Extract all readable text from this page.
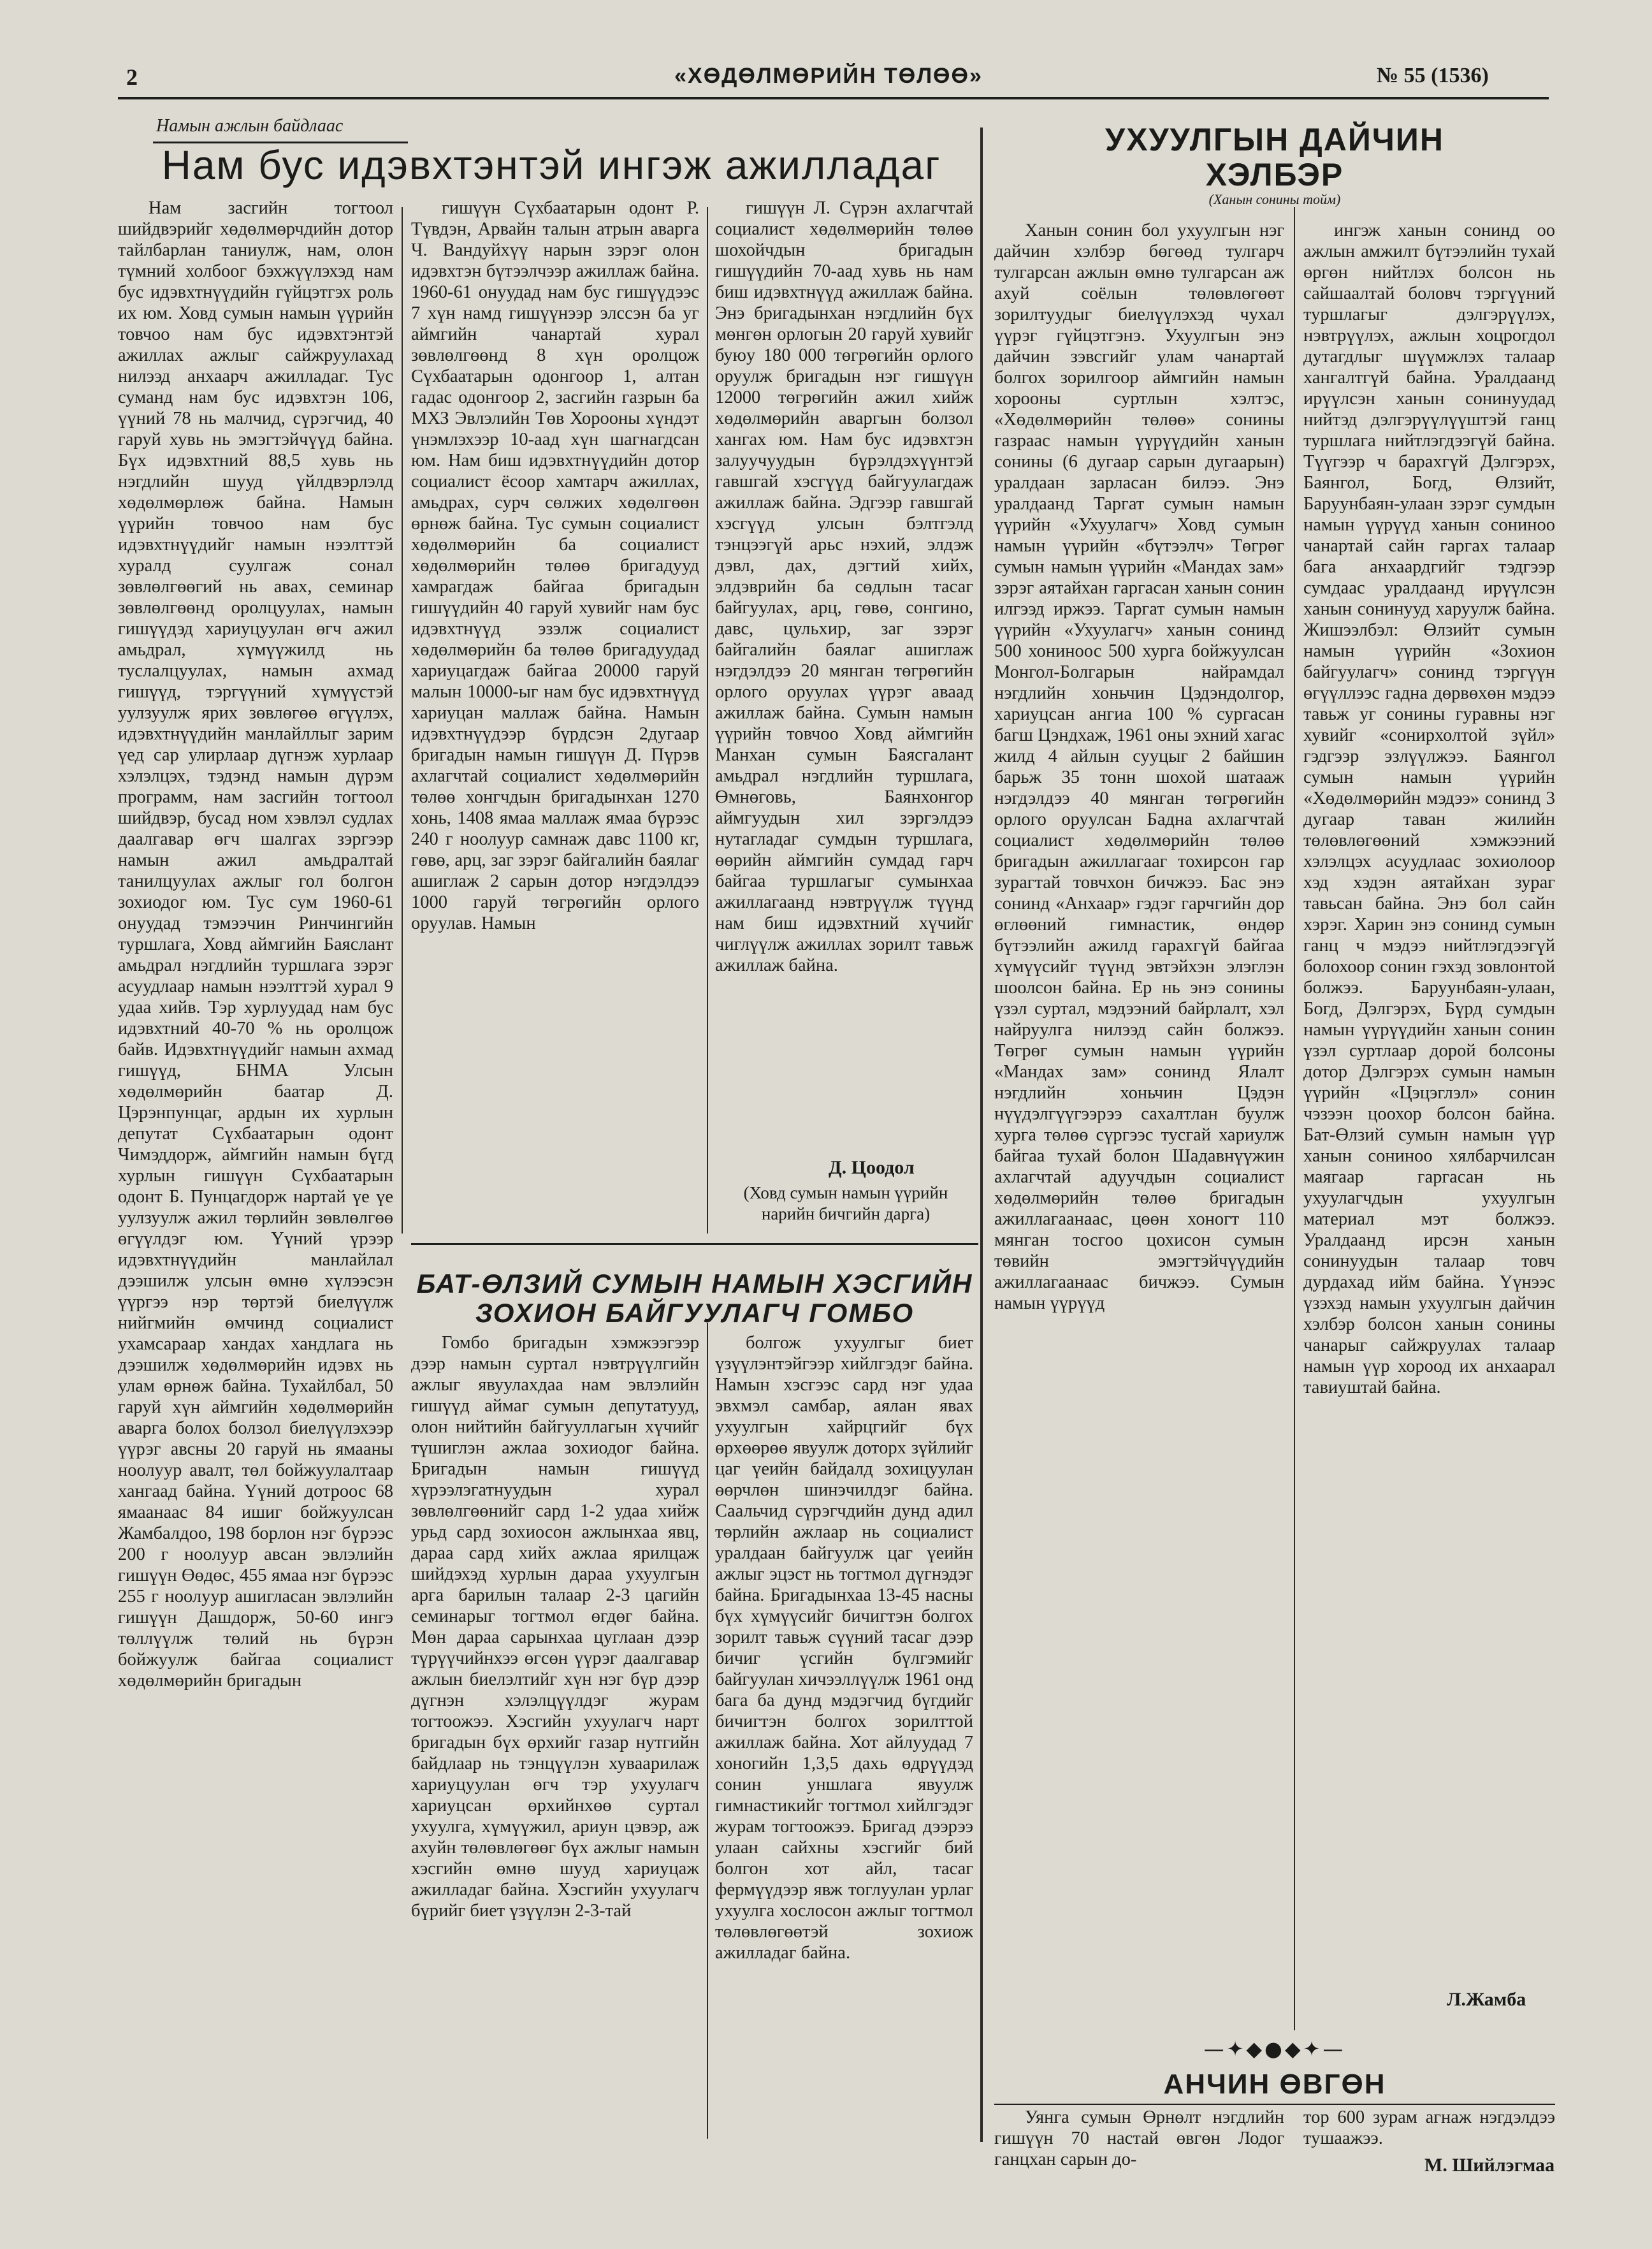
2	«ХӨДӨЛМӨРИЙН ТӨЛӨӨ»	№ 55 (1536)
Намын ажлын байдлаас
Нам бус идэвхтэнтэй ингэж ажилладаг
Нам засгийн тогтоол шийдвэрийг хөдөлмөрчдийн дотор тайлбарлан таниулж, нам, олон түмний холбоог бэхжүүлэхэд нам бус идэвхтнүүдийн гүйцэтгэх роль их юм. Ховд сумын намын үүрийн товчоо нам бус идэвхтэнтэй ажиллах ажлыг сайжруулахад нилээд анхаарч ажилладаг. Тус суманд нам бус идэвхтэн 106, үүний 78 нь малчид, сүрэгчид, 40 гаруй хувь нь эмэгтэйчүүд байна. Бүх идэвхтний 88,5 хувь нь нэгдлийн шууд үйлдвэрлэлд хөдөлмөрлөж байна. Намын үүрийн товчоо нам бус идэвхтнүүдийг намын нээлттэй хуралд суулгаж сонал зөвлөлгөөгий нь авах, семинар зөвлөлгөөнд оролцуулах, намын гишүүдэд хариуцуулан өгч ажил амьдрал, хүмүүжилд нь туслалцуулах, намын ахмад гишүүд, тэргүүний хүмүүстэй уулзуулж ярих зөвлөгөө өгүүлэх, идэвхтнүүдийн манлайллыг зарим үед сар улирлаар дүгнэж хурлаар хэлэлцэх, тэдэнд намын дүрэм программ, нам засгийн тогтоол шийдвэр, бусад ном хэвлэл судлах даалгавар өгч шалгах зэргээр намын ажил амьдралтай танилцуулах ажлыг гол болгон зохиодог юм. Тус сум 1960-61 онуудад тэмээчин Ринчингийн туршлага, Ховд аймгийн Баяслант амьдрал нэгдлийн туршлага зэрэг асуудлаар намын нээлттэй хурал 9 удаа хийв. Тэр хурлуудад нам бус идэвхтний 40-70 % нь оролцож байв. Идэвхтнүүдийг намын ахмад гишүүд, БНМА Улсын хөдөлмөрийн баатар Д. Цэрэнпунцаг, ардын их хурлын депутат Сүхбаатарын одонт Чимэддорж, аймгийн намын бүгд хурлын гишүүн Сүхбаатарын одонт Б. Пунцагдорж нартай үе үе уулзуулж ажил төрлийн зөвлөлгөө өгүүлдэг юм. Үүний үрээр идэвхтнүүдийн манлайлал дээшилж улсын өмнө хүлээсэн үүргээ нэр төртэй биелүүлж нийгмийн өмчинд социалист ухамсараар хандах хандлага нь дээшилж хөдөлмөрийн идэвх нь улам өрнөж байна. Тухайлбал, 50 гаруй хүн аймгийн хөдөлмөрийн аварга болох болзол биелүүлэхээр үүрэг авсны 20 гаруй нь ямааны ноолуур авалт, төл бойжуулалтаар хангаад байна. Үүний дотроос 68 ямаанаас 84 ишиг бойжуулсан Жамбалдоо, 198 борлон нэг бүрээс 200 г ноолуур авсан эвлэлийн гишүүн Өөдөс, 455 ямаа нэг бүрээс 255 г ноолуур ашигласан эвлэлийн гишүүн Дашдорж, 50-60 ингэ төллүүлж төлий нь бүрэн бойжуулж байгаа социалист хөдөлмөрийн бригадын
гишүүн Сүхбаатарын одонт Р. Түвдэн, Арвайн талын атрын аварга Ч. Вандуйхүү нарын зэрэг олон идэвхтэн бүтээлчээр ажиллаж байна. 1960-61 онуудад нам бус гишүүдээс 7 хүн намд гишүүнээр элссэн ба уг аймгийн чанартай хурал зөвлөлгөөнд 8 хүн оролцож Сүхбаатарын одонгоор 1, алтан гадас одонгоор 2, засгийн газрын ба МХЗ Эвлэлийн Төв Хорооны хүндэт үнэмлэхээр 10-аад хүн шагнагдсан юм. Нам биш идэвхтнүүдийн дотор социалист ёсоор хамтарч ажиллах, амьдрах, сурч сөлжих хөдөлгөөн өрнөж байна. Тус сумын социалист хөдөлмөрийн ба социалист хөдөлмөрийн төлөө бригадууд хамрагдаж байгаа бригадын гишүүдийн 40 гаруй хувийг нам бус идэвхтнүүд эзэлж социалист хөдөлмөрийн ба төлөө бригадуудад хариуцагдаж байгаа 20000 гаруй малын 10000-ыг нам бус идэвхтнүүд хариуцан маллаж байна. Намын идэвхтнүүдээр бүрдсэн 2дугаар бригадын намын гишүүн Д. Пүрэв ахлагчтай социалист хөдөлмөрийн төлөө хонгчдын бригадынхан 1270 хонь, 1408 ямаа маллаж ямаа бүрээс 240 г ноолуур самнаж давс 1100 кг, гөвө, арц, заг зэрэг байгалийн баялаг ашиглаж 2 сарын дотор нэгдэлдээ 1000 гаруй төгрөгийн орлого оруулав. Намын
гишүүн Л. Сүрэн ахлагчтай социалист хөдөлмөрийн төлөө шохойчдын бригадын гишүүдийн 70-аад хувь нь нам биш идэвхтнүүд ажиллаж байна. Энэ бригадынхан нэгдлийн бүх мөнгөн орлогын 20 гаруй хувийг буюу 180 000 төгрөгийн орлого оруулж бригадын нэг гишүүн 12000 төгрөгийн ажил хийж хөдөлмөрийн аваргын болзол хангах юм. Нам бус идэвхтэн залуучуудын бүрэлдэхүүнтэй гавшгай хэсгүүд байгуулагдаж ажиллаж байна. Эдгээр гавшгай хэсгүүд улсын бэлтгэлд тэнцээгүй арьс нэхий, элдэж дэвл, дах, дэгтий хийх, элдэврийн ба сөдлын тасаг байгуулах, арц, гөвө, сонгино, давс, цульхир, заг зэрэг байгалийн баялаг ашиглаж нэгдэлдээ 20 мянган төгрөгийн орлого оруулах үүрэг аваад ажиллаж байна. Сумын намын үүрийн товчоо Ховд аймгийн Манхан сумын Баясгалант амьдрал нэгдлийн туршлага, Өмнөговь, Баянхонгор аймгуудын хил зэргэлдээ нутагладаг сумдын туршлага, өөрийн аймгийн сумдад гарч байгаа туршлагыг сумынхаа ажиллагаанд нэвтрүүлж түүнд нам биш идэвхтний хүчийг чиглүүлж ажиллах зорилт тавьж ажиллаж байна.
Д. Цоодол
(Ховд сумын намын үүрийн нарийн бичгийн дарга)
БАТ-ӨЛЗИЙ СУМЫН НАМЫН ХЭСГИЙН
ЗОХИОН БАЙГУУЛАГЧ ГОМБО
Гомбо бригадын хэмжээгээр дээр намын суртал нэвтрүүлгийн ажлыг явуулахдаа нам эвлэлийн гишүүд аймаг сумын депутатууд, олон нийтийн байгууллагын хүчийг түшиглэн ажлаа зохиодог байна. Бригадын намын гишүүд хүрээлэгатнуудын хурал зөвлөлгөөнийг сард 1-2 удаа хийж урьд сард зохиосон ажлынхаа явц, дараа сард хийх ажлаа ярилцаж шийдэхэд хурлын дараа ухуулгын арга барилын талаар 2-3 цагийн семинарыг тогтмол өгдөг байна. Мөн дараа сарынхаа цуглаан дээр түрүүчийнхээ өгсөн үүрэг даалгавар ажлын биелэлтийг хүн нэг бүр дээр дүгнэн хэлэлцүүлдэг журам тогтоожээ. Хэсгийн ухуулагч нарт бригадын бүх өрхийг газар нутгийн байдлаар нь тэнцүүлэн хуваарилаж хариуцуулан өгч тэр ухуулагч хариуцсан өрхийнхөө суртал ухуулга, хүмүүжил, ариун цэвэр, аж ахуйн төлөвлөгөөг бүх ажлыг намын хэсгийн өмнө шууд хариуцаж ажилладаг байна. Хэсгийн ухуулагч бүрийг биет үзүүлэн 2-3-тай
болгож ухуулгыг биет үзүүлэнтэйгээр хийлгэдэг байна. Намын хэсгээс сард нэг удаа эвхмэл самбар, аялан явах ухуулгын хайрцгийг бүх өрхөөрөө явуулж доторх зүйлийг цаг үеийн байдалд зохицуулан өөрчлөн шинэчилдэг байна. Саальчид сүрэгчдийн дунд адил төрлийн ажлаар нь социалист уралдаан байгуулж цаг үеийн ажлыг эцэст нь тогтмол дүгнэдэг байна. Бригадынхаа 13-45 насны бүх хүмүүсийг бичигтэн болгох зорилт тавьж сүүний тасаг дээр бичиг үсгийн бүлгэмийг байгуулан хичээллүүлж 1961 онд бага ба дунд мэдэгчид бүгдийг бичигтэн болгох зорилттой ажиллаж байна. Хот айлуудад 7 хоногийн 1,3,5 дахь өдрүүдэд сонин уншлага явуулж гимнастикийг тогтмол хийлгэдэг журам тогтоожээ. Бригад дээрээ улаан сайхны хэсгийг бий болгон хот айл, тасаг фермүүдээр явж тоглуулан урлаг ухуулга хослосон ажлыг тогтмол төлөвлөгөөтэй зохиож ажилладаг байна.
УХУУЛГЫН ДАЙЧИН
ХЭЛБЭР
(Ханын сонины тойм)
Ханын сонин бол ухуулгын нэг дайчин хэлбэр бөгөөд тулгарч тулгарсан ажлын өмнө тулгарсан аж ахуй соёлын төлөвлөгөөт зорилтуудыг биелүүлэхэд чухал үүрэг гүйцэтгэнэ. Ухуулгын энэ дайчин зэвсгийг улам чанартай болгох зорилгоор аймгийн намын хорооны суртлын хэлтэс, «Хөдөлмөрийн төлөө» сонины газраас намын үүрүүдийн ханын сонины (6 дугаар сарын дугаарын) уралдаан зарласан билээ. Энэ уралдаанд Таргат сумын намын үүрийн «Ухуулагч» Ховд сумын намын үүрийн «бүтээлч» Төгрөг сумын намын үүрийн «Мандах зам» зэрэг аятайхан гаргасан ханын сонин илгээд иржээ. Таргат сумын намын үүрийн «Ухуулагч» ханын сонинд 500 хониноос 500 хурга бойжуулсан Монгол-Болгарын найрамдал нэгдлийн хоньчин Цэдэндолгор, хариуцсан ангиа 100 % сургасан багш Цэндхаж, 1961 оны эхний хагас жилд 4 айлын сууцыг 2 байшин барьж 35 тонн шохой шатааж нэгдэлдээ 40 мянган төгрөгийн орлого оруулсан Бадна ахлагчтай социалист хөдөлмөрийн төлөө бригадын ажиллагааг тохирсон гар зурагтай товчхон бичжээ. Бас энэ сонинд «Анхаар» гэдэг гарчгийн дор өглөөний гимнастик, өндөр бүтээлийн ажилд гарахгүй байгаа хүмүүсийг түүнд эвтэйхэн элэглэн шоолсон байна. Ер нь энэ сонины үзэл суртал, мэдээний байрлалт, хэл найруулга нилээд сайн болжээ. Төгрөг сумын намын үүрийн «Мандах зам» сонинд Ялалт нэгдлийн хоньчин Цэдэн нүүдэлгүүгээрээ сахалтлан буулж хурга төлөө сүргээс тусгай хариулж байгаа тухай болон Шадавнүүжин ахлагчтай адуучдын социалист хөдөлмөрийн төлөө бригадын ажиллагаанаас, цөөн хоногт 110 мянган тосгоо цохисон сумын төвийн эмэгтэйчүүдийн ажиллагаанаас бичжээ. Сумын намын үүрүүд
ингэж ханын сонинд оо ажлын амжилт бүтээлийн тухай өргөн нийтлэх болсон нь сайшаалтай боловч тэргүүний туршлагыг дэлгэрүүлэх, нэвтрүүлэх, ажлын хоцрогдол дутагдлыг шүүмжлэх талаар хангалтгүй байна. Уралдаанд ирүүлсэн ханын сонинуудад нийтэд дэлгэрүүлүүштэй ганц туршлага нийтлэгдээгүй байна. Түүгээр ч барахгүй Дэлгэрэх, Баянгол, Богд, Өлзийт, Баруунбаян-улаан зэрэг сумдын намын үүрүүд ханын сониноо чанартай сайн гаргах талаар бага анхаардгийг тэдгээр сумдаас уралдаанд ирүүлсэн ханын сонинууд харуулж байна. Жишээлбэл: Өлзийт сумын намын үүрийн «Зохион байгуулагч» сонинд тэргүүн өгүүллээс гадна дөрвөхөн мэдээ тавьж уг сонины гуравны нэг хувийг «сонирхолтой зүйл» гэдгээр эзлүүлжээ. Баянгол сумын намын үүрийн «Хөдөлмөрийн мэдээ» сонинд 3 дугаар таван жилийн төлөвлөгөөний хэмжээний хэлэлцэх асуудлаас зохиолоор хэд хэдэн аятайхан зураг тавьсан байна. Энэ бол сайн хэрэг. Харин энэ сонинд сумын ганц ч мэдээ нийтлэгдээгүй болохоор сонин гэхэд зовлонтой болжээ. Баруунбаян-улаан, Богд, Дэлгэрэх, Бүрд сумдын намын үүрүүдийн ханын сонин үзэл суртлаар дорой болсоны дотор Дэлгэрэх сумын намын үүрийн «Цэцэглэл» сонин чэзээн цоохор болсон байна. Бат-Өлзий сумын намын үүр ханын сониноо хялбарчилсан маягаар гаргасан нь ухуулагчдын ухуулгын материал мэт болжээ. Уралдаанд ирсэн ханын сонинуудын талаар товч дурдахад ийм байна. Үүнээс үзэхэд намын ухуулгын дайчин хэлбэр болсон ханын сонины чанарыг сайжруулах талаар намын үүр хороод их анхаарал тавиуштай байна.
Л.Жамба
—✦◆●◆✦—
АНЧИН ӨВГӨН
Уянга сумын Өрнөлт нэгдлийн гишүүн 70 настай өвгөн Лодог ганцхан сарын до-
тор 600 зурам агнаж нэгдэлдээ тушаажээ.
М. Шийлэгмаа
